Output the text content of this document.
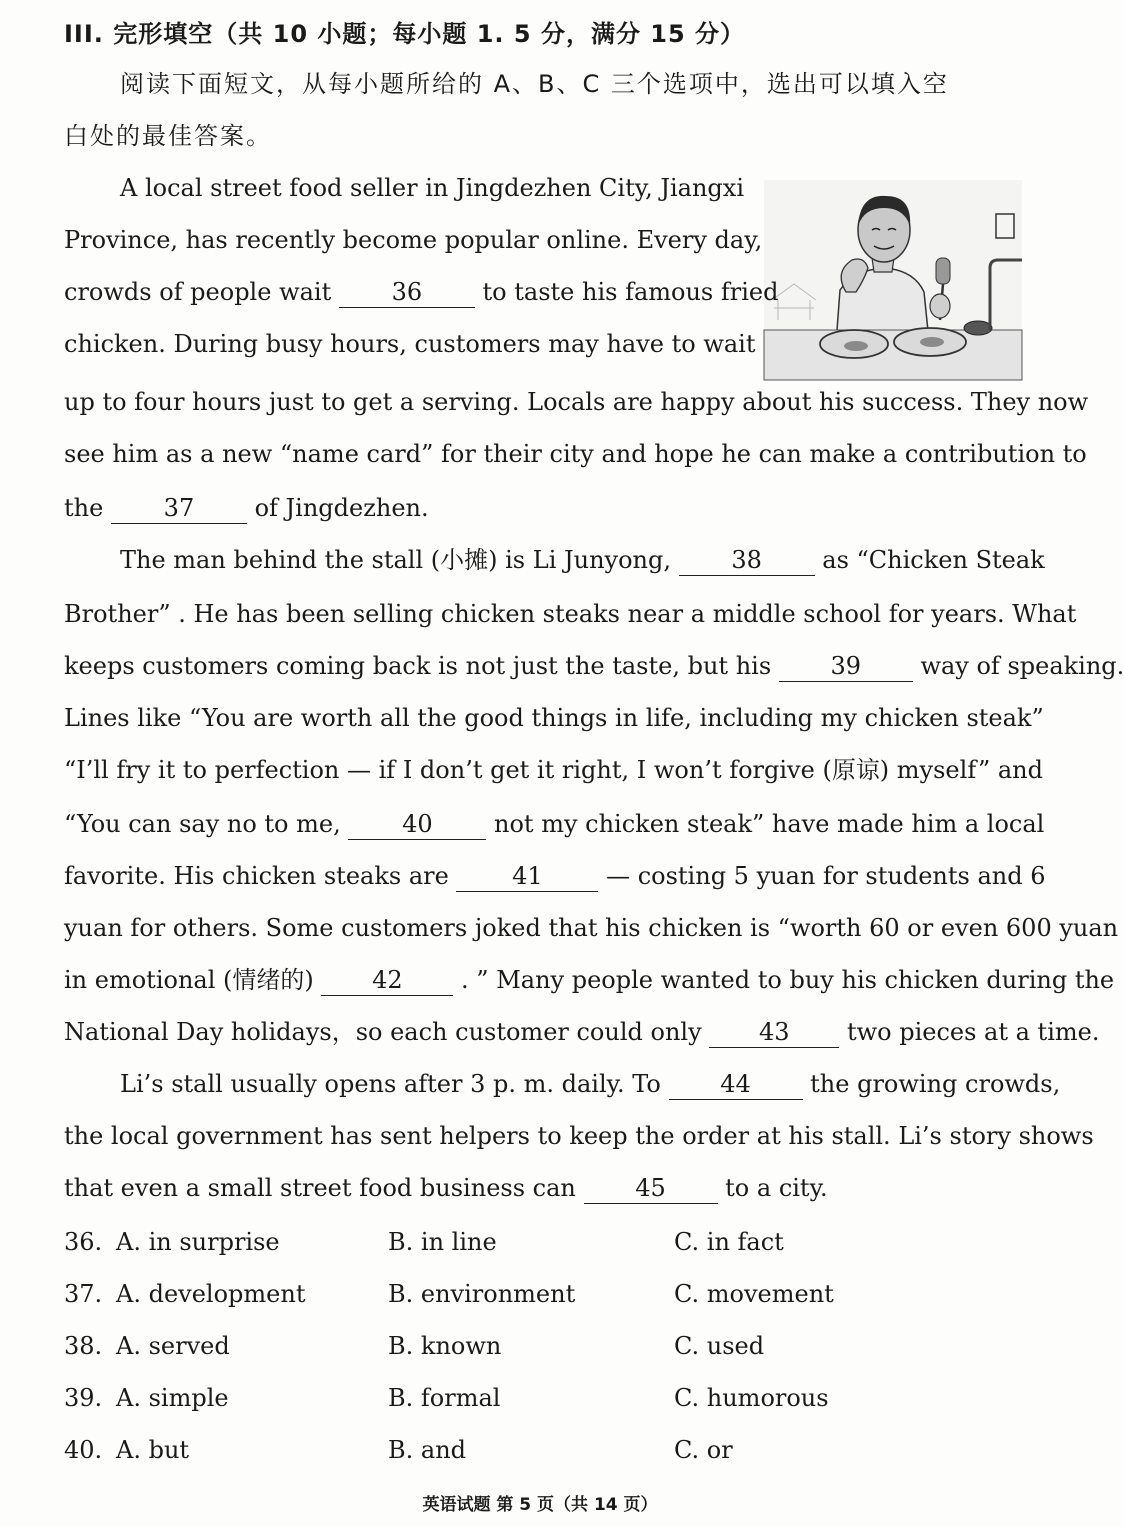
III. 完形填空（共 10 小题；每小题 1. 5 分，满分 15 分）
阅读下面短文，从每小题所给的 A、B、C 三个选项中，选出可以填入空
白处的最佳答案。
A local street food seller in Jingdezhen City, Jiangxi
Province, has recently become popular online. Every day,
crowds of people wait	36	to taste his famous fried
chicken. During busy hours, customers may have to wait
up to four hours just to get a serving. Locals are happy about his success. They now
see him as a new “name card” for their city and hope he can make a contribution to
the	37	of Jingdezhen.
The man behind the stall (小摊) is Li Junyong,	38	as “Chicken Steak
Brother” . He has been selling chicken steaks near a middle school for years. What
keeps customers coming back is not just the taste, but his 39 way of speaking.
Lines like “You are worth all the good things in life, including my chicken steak”
“I’ll fry it to perfection — if I don’t get it right, I won’t forgive (原谅) myself” and
“You can say no to me,	40	not my chicken steak” have made him a local
favorite. His chicken steaks are	41	— costing 5 yuan for students and 6
yuan for others. Some customers joked that his chicken is “worth 60 or even 600 yuan
in emotional (情绪的) 42 . ” Many people wanted to buy his chicken during the
National Day holidays，so each customer could only 43 two pieces at a time.
Li’s stall usually opens after 3 p. m. daily. To 44 the growing crowds,
the local government has sent helpers to keep the order at his stall. Li’s story shows
that even a small street food business can 45 to a city.
36. A. in surprise	B. in line	C. in fact
37. A. development	B. environment	C. movement
38. A. served	B. known	C. used
39. A. simple	B. formal	C. humorous
40. A. but	B. and	C. or
英语试题 第 5 页（共 14 页）
